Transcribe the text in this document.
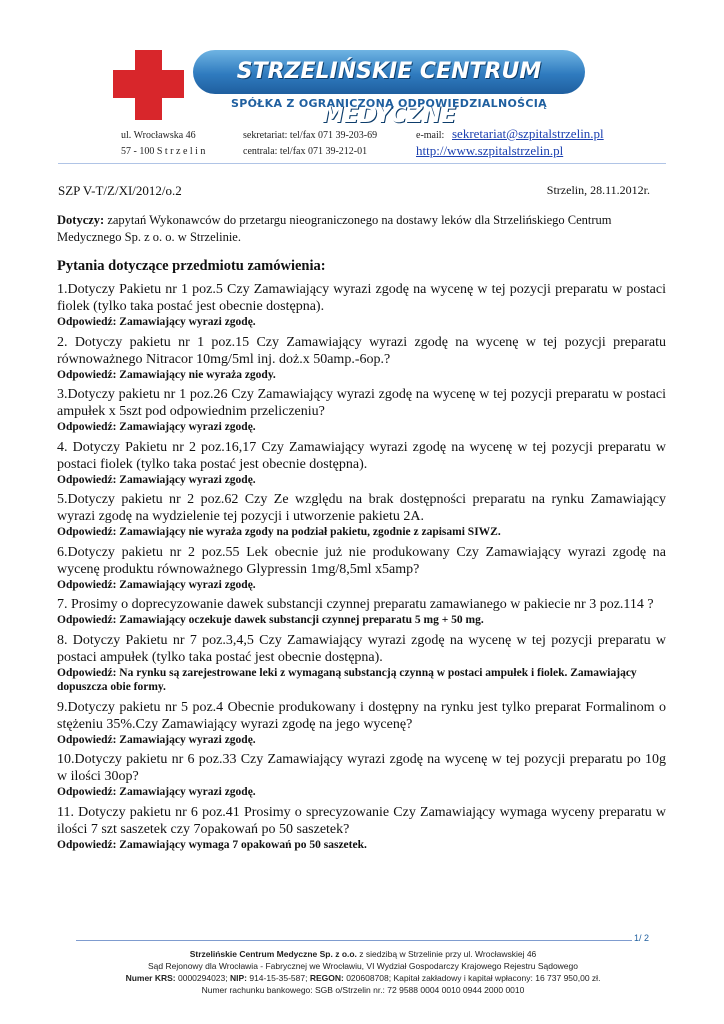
STRZELIŃSKIE CENTRUM MEDYCZNE
SPÓŁKA Z OGRANICZONĄ ODPOWIEDZIALNOŚCIĄ
ul. Wrocławska 46
57 - 100 S t r z e l i n
sekretariat: tel/fax 071 39-203-69
centrala: tel/fax 071 39-212-01
e-mail: sekretariat@szpitalstrzelin.pl
http://www.szpitalstrzelin.pl
SZP V-T/Z/XI/2012/o.2	Strzelin, 28.11.2012r.
Dotyczy: zapytań Wykonawców do przetargu nieograniczonego na dostawy leków dla Strzelińskiego Centrum Medycznego Sp. z o. o. w Strzelinie.
Pytania dotyczące przedmiotu zamówienia:
1.Dotyczy Pakietu nr 1 poz.5 Czy Zamawiający wyrazi zgodę na wycenę w tej pozycji preparatu w postaci fiolek (tylko taka postać jest obecnie dostępna).
Odpowiedź: Zamawiający wyrazi zgodę.
2. Dotyczy pakietu nr 1 poz.15 Czy Zamawiający wyrazi zgodę na wycenę w tej pozycji preparatu równoważnego Nitracor 10mg/5ml inj. doż.x 50amp.-6op.?
Odpowiedź: Zamawiający nie wyraża zgody.
3.Dotyczy pakietu nr 1 poz.26 Czy Zamawiający wyrazi zgodę na wycenę w tej pozycji preparatu w postaci ampułek x 5szt pod odpowiednim przeliczeniu?
Odpowiedź: Zamawiający wyrazi zgodę.
4. Dotyczy Pakietu nr 2 poz.16,17 Czy Zamawiający wyrazi zgodę na wycenę w tej pozycji preparatu w postaci fiolek (tylko taka postać jest obecnie dostępna).
Odpowiedź: Zamawiający wyrazi zgodę.
5.Dotyczy pakietu nr 2 poz.62 Czy Ze względu na brak dostępności preparatu na rynku Zamawiający wyrazi zgodę na wydzielenie tej pozycji i utworzenie pakietu 2A.
Odpowiedź: Zamawiający nie wyraża zgody na podział pakietu, zgodnie z zapisami SIWZ.
6.Dotyczy pakietu nr 2 poz.55 Lek obecnie już nie produkowany Czy Zamawiający wyrazi zgodę na wycenę produktu równoważnego Glypressin 1mg/8,5ml x5amp?
Odpowiedź: Zamawiający wyrazi zgodę.
7. Prosimy o doprecyzowanie dawek substancji czynnej preparatu zamawianego w pakiecie nr 3 poz.114 ?
Odpowiedź: Zamawiający oczekuje dawek substancji czynnej preparatu 5 mg + 50 mg.
8. Dotyczy Pakietu nr 7 poz.3,4,5 Czy Zamawiający wyrazi zgodę na wycenę w tej pozycji preparatu w postaci ampułek (tylko taka postać jest obecnie dostępna).
Odpowiedź: Na rynku są zarejestrowane leki z wymaganą substancją czynną w postaci ampułek i fiolek. Zamawiający dopuszcza obie formy.
9.Dotyczy pakietu nr 5 poz.4 Obecnie produkowany i dostępny na rynku jest tylko preparat Formalinom o stężeniu 35%.Czy Zamawiający wyrazi zgodę na jego wycenę?
Odpowiedź: Zamawiający wyrazi zgodę.
10.Dotyczy pakietu nr 6 poz.33 Czy Zamawiający wyrazi zgodę na wycenę w tej pozycji preparatu po 10g w ilości 30op?
Odpowiedź: Zamawiający wyrazi zgodę.
11. Dotyczy pakietu nr 6 poz.41 Prosimy o sprecyzowanie Czy Zamawiający wymaga wyceny preparatu w ilości 7 szt saszetek czy 7opakowań po 50 saszetek?
Odpowiedź: Zamawiający wymaga 7 opakowań po 50 saszetek.
1/ 2
Strzelińskie Centrum Medyczne Sp. z o.o. z siedzibą w Strzelinie przy ul. Wrocławskiej 46
Sąd Rejonowy dla Wrocławia - Fabrycznej we Wrocławiu, VI Wydział Gospodarczy Krajowego Rejestru Sądowego
Numer KRS: 0000294023; NIP: 914-15-35-587; REGON: 020608708; Kapitał zakładowy i kapitał wpłacony: 16 737 950,00 zł.
Numer rachunku bankowego: SGB o/Strzelin nr.: 72 9588 0004 0010 0944 2000 0010
